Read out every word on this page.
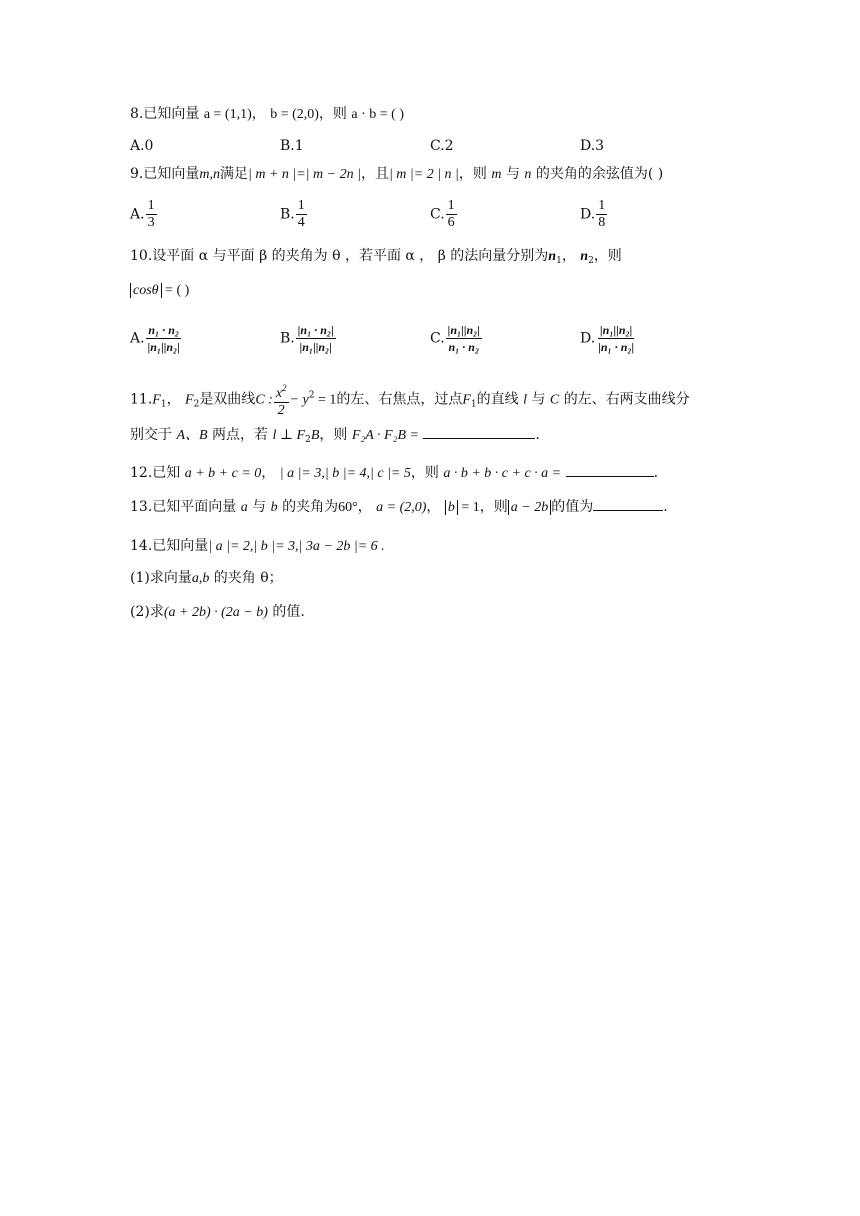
8.已知向量 a = (1,1)， b = (2,0)，则 a · b = ( )
A.0	B.1	C.2	D.3
9.已知向量m,n满足| m + n |=| m − 2n |，且| m |= 2 | n |，则 m 与 n 的夹角的余弦值为( )
A. $\frac{1}{3}$	B. $\frac{1}{4}$	C. $\frac{1}{6}$	D. $\frac{1}{8}$
10.设平面 α 与平面 β 的夹角为 θ ，若平面 α ， β 的法向量分别为$n_1$， $n_2$，则
cosθ = ( )
A. $\frac{\text{n₁ · n₂}}{\text{|n₁||n₂|}}$	B. $\frac{\text{|n₁ · n₂|}}{\text{|n₁||n₂|}}$	C. $\frac{\text{|n₁||n₂|}}{\text{n₁ · n₂}}$	D. $\frac{\text{|n₁||n₂|}}{\text{|n₁ · n₂|}}$
$11.F_1$， $F_2$是双曲线C : $\frac{x^2}{2} - y^2 = 1$的左、右焦点，过点$F_1$的直线 l 与 C 的左、右两支曲线分
别交于 A、B 两点，若 l ⊥ $F_2B$，则 F₂A · F₂B =	.
12.已知 a + b + c = 0， | a |= 3,| b |= 4,| c |= 5，则 a · b + b · c + c · a =	.
13.已知平面向量 a 与 b 的夹角为60°， a = (2,0)， b = 1，则 a − 2b 的值为	.
14.已知向量| a |= 2,| b |= 3,| 3a − 2b |= 6 .
(1)求向量a,b 的夹角 θ；
(2)求(a + 2b) · (2a − b) 的值.
